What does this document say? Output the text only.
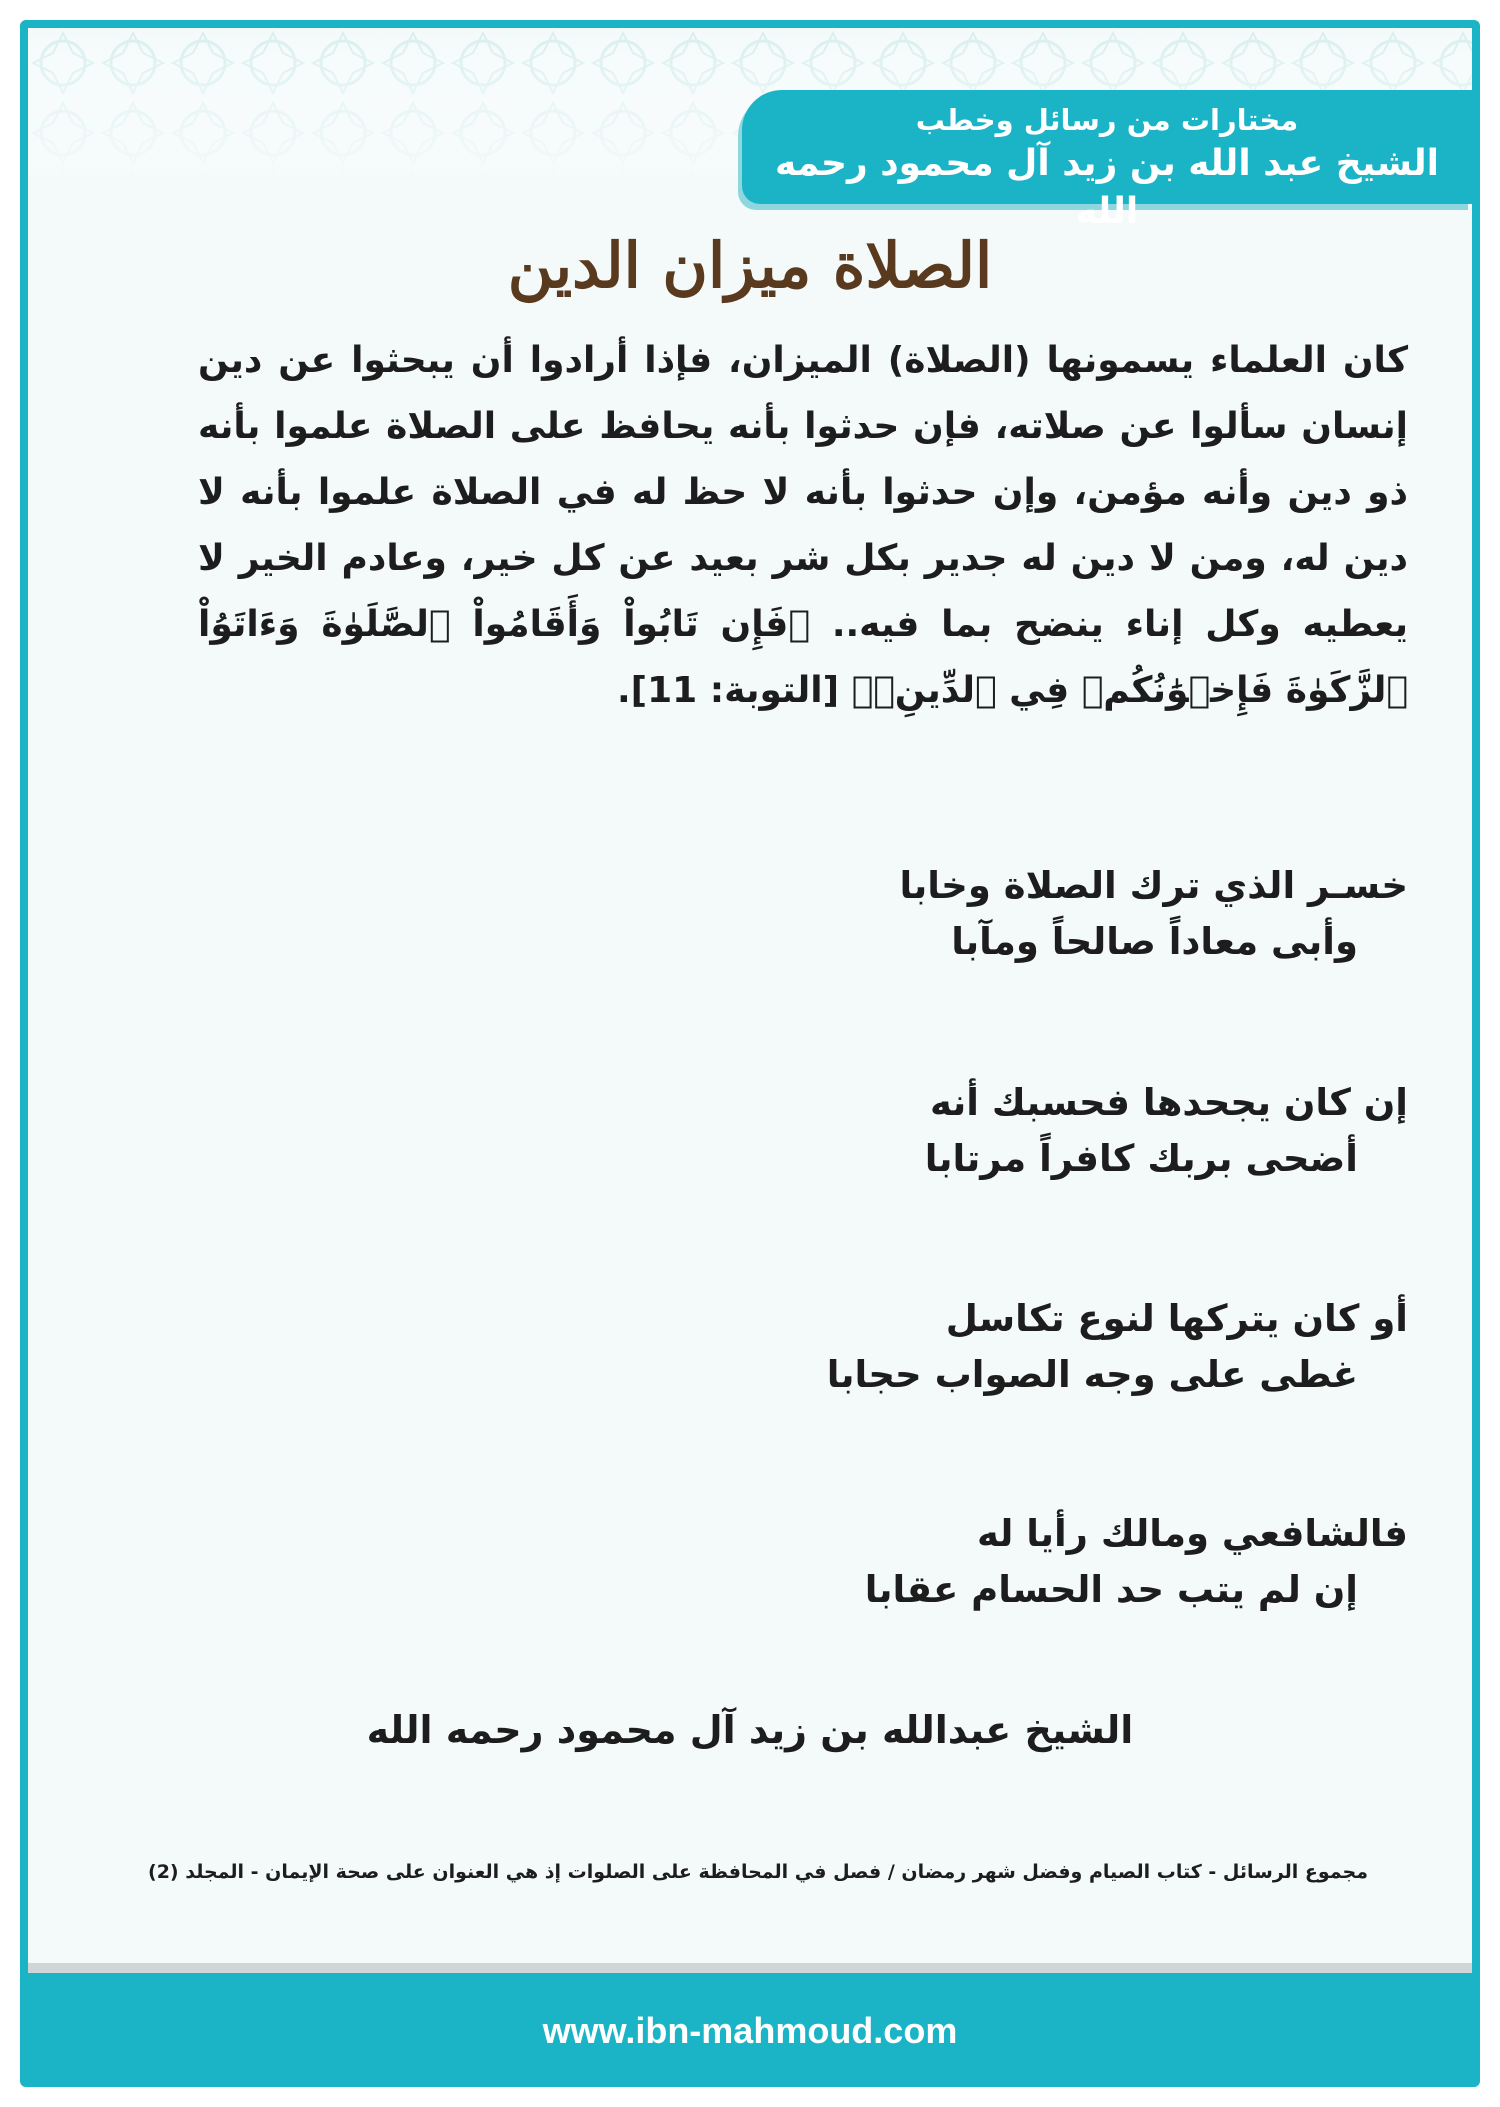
مختارات من رسائل وخطب
الشيخ عبد الله بن زيد آل محمود رحمه الله
الصلاة ميزان الدين
كان العلماء يسمونها (الصلاة) الميزان، فإذا أرادوا أن يبحثوا عن دين إنسان سألوا عن صلاته، فإن حدثوا بأنه يحافظ على الصلاة علموا بأنه ذو دين وأنه مؤمن، وإن حدثوا بأنه لا حظ له في الصلاة علموا بأنه لا دين له، ومن لا دين له جدير بكل شر بعيد عن كل خير، وعادم الخير لا يعطيه وكل إناء ينضح بما فيه.. ﴿فَإِن تَابُواْ وَأَقَامُواْ ٱلصَّلَوٰةَ وَءَاتَوُاْ ٱلزَّكَوٰةَ فَإِخۡوَٰنُكُمۡ فِي ٱلدِّينِۗ﴾ [التوبة: 11].
خسـر الذي ترك الصلاة وخابا
وأبى معاداً صالحاً ومآبا
إن كان يجحدها فحسبك أنه
أضحى بربك كافراً مرتابا
أو كان يتركها لنوع تكاسل
غطى على وجه الصواب حجابا
فالشافعي ومالك رأيا له
إن لم يتب حد الحسام عقابا
الشيخ عبدالله بن زيد آل محمود رحمه الله
مجموع الرسائل - كتاب الصيام وفضل شهر رمضان / فصل في المحافظة على الصلوات إذ هي العنوان على صحة الإيمان - المجلد (2)
www.ibn-mahmoud.com
